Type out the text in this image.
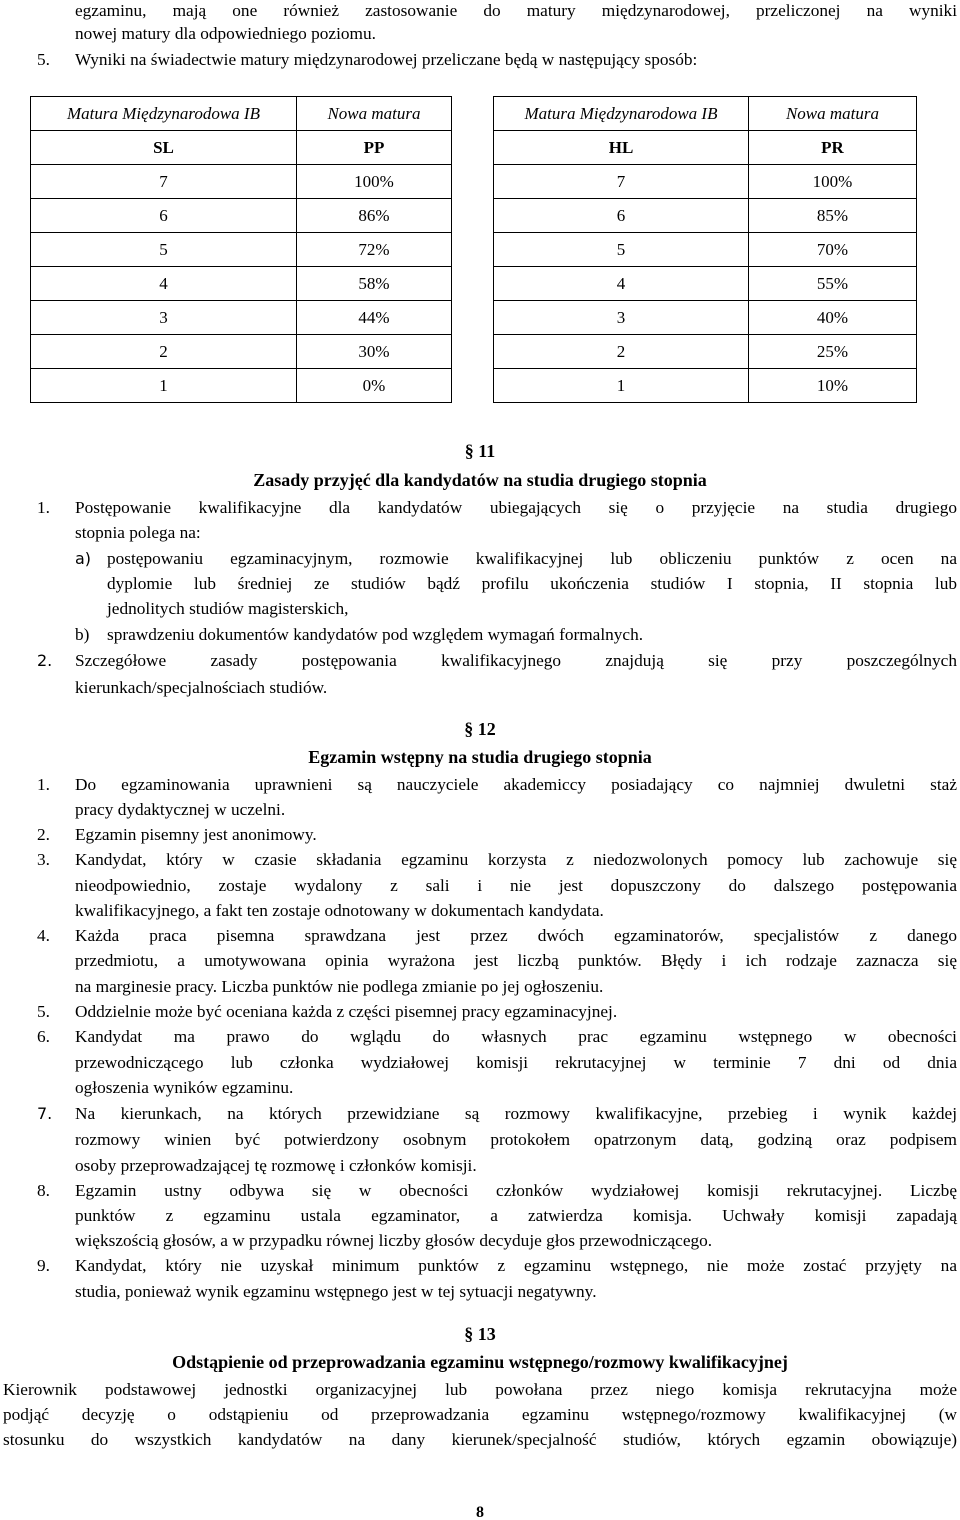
egzaminu, mają one również zastosowanie do matury międzynarodowej, przeliczonej na wyniki
nowej matury dla odpowiedniego poziomu.
5. Wyniki na świadectwie matury międzynarodowej przeliczane będą w następujący sposób:
Matura Międzynarodowa IB	Nowa matura
SL	PP
7	100%
6	86%
5	72%
4	58%
3	44%
2	30%
1	0%
Matura Międzynarodowa IB	Nowa matura
HL	PR
7	100%
6	85%
5	70%
4	55%
3	40%
2	25%
1	10%
§ 11
Zasady przyjęć dla kandydatów na studia drugiego stopnia
1. Postępowanie kwalifikacyjne dla kandydatów ubiegających się o przyjęcie na studia drugiego
stopnia polega na:
a) postępowaniu egzaminacyjnym, rozmowie kwalifikacyjnej lub obliczeniu punktów z ocen na
dyplomie lub średniej ze studiów bądź profilu ukończenia studiów I stopnia, II stopnia lub
jednolitych studiów magisterskich,
b) sprawdzeniu dokumentów kandydatów pod względem wymagań formalnych.
2. Szczegółowe zasady postępowania kwalifikacyjnego znajdują się przy poszczególnych
kierunkach/specjalnościach studiów.
§ 12
Egzamin wstępny na studia drugiego stopnia
1. Do egzaminowania uprawnieni są nauczyciele akademiccy posiadający co najmniej dwuletni staż
pracy dydaktycznej w uczelni.
2. Egzamin pisemny jest anonimowy.
3. Kandydat, który w czasie składania egzaminu korzysta z niedozwolonych pomocy lub zachowuje się
nieodpowiednio, zostaje wydalony z sali i nie jest dopuszczony do dalszego postępowania
kwalifikacyjnego, a fakt ten zostaje odnotowany w dokumentach kandydata.
4. Każda praca pisemna sprawdzana jest przez dwóch egzaminatorów, specjalistów z danego
przedmiotu, a umotywowana opinia wyrażona jest liczbą punktów. Błędy i ich rodzaje zaznacza się
na marginesie pracy. Liczba punktów nie podlega zmianie po jej ogłoszeniu.
5. Oddzielnie może być oceniana każda z części pisemnej pracy egzaminacyjnej.
6. Kandydat ma prawo do wglądu do własnych prac egzaminu wstępnego w obecności
przewodniczącego lub członka wydziałowej komisji rekrutacyjnej w terminie 7 dni od dnia
ogłoszenia wyników egzaminu.
7. Na kierunkach, na których przewidziane są rozmowy kwalifikacyjne, przebieg i wynik każdej
rozmowy winien być potwierdzony osobnym protokołem opatrzonym datą, godziną oraz podpisem
osoby przeprowadzającej tę rozmowę i członków komisji.
8. Egzamin ustny odbywa się w obecności członków wydziałowej komisji rekrutacyjnej. Liczbę
punktów z egzaminu ustala egzaminator, a zatwierdza komisja. Uchwały komisji zapadają
większością głosów, a w przypadku równej liczby głosów decyduje głos przewodniczącego.
9. Kandydat, który nie uzyskał minimum punktów z egzaminu wstępnego, nie może zostać przyjęty na
studia, ponieważ wynik egzaminu wstępnego jest w tej sytuacji negatywny.
§ 13
Odstąpienie od przeprowadzania egzaminu wstępnego/rozmowy kwalifikacyjnej
Kierownik podstawowej jednostki organizacyjnej lub powołana przez niego komisja rekrutacyjna może
podjąć decyzję o odstąpieniu od przeprowadzania egzaminu wstępnego/rozmowy kwalifikacyjnej (w
stosunku do wszystkich kandydatów na dany kierunek/specjalność studiów, których egzamin obowiązuje)
8
